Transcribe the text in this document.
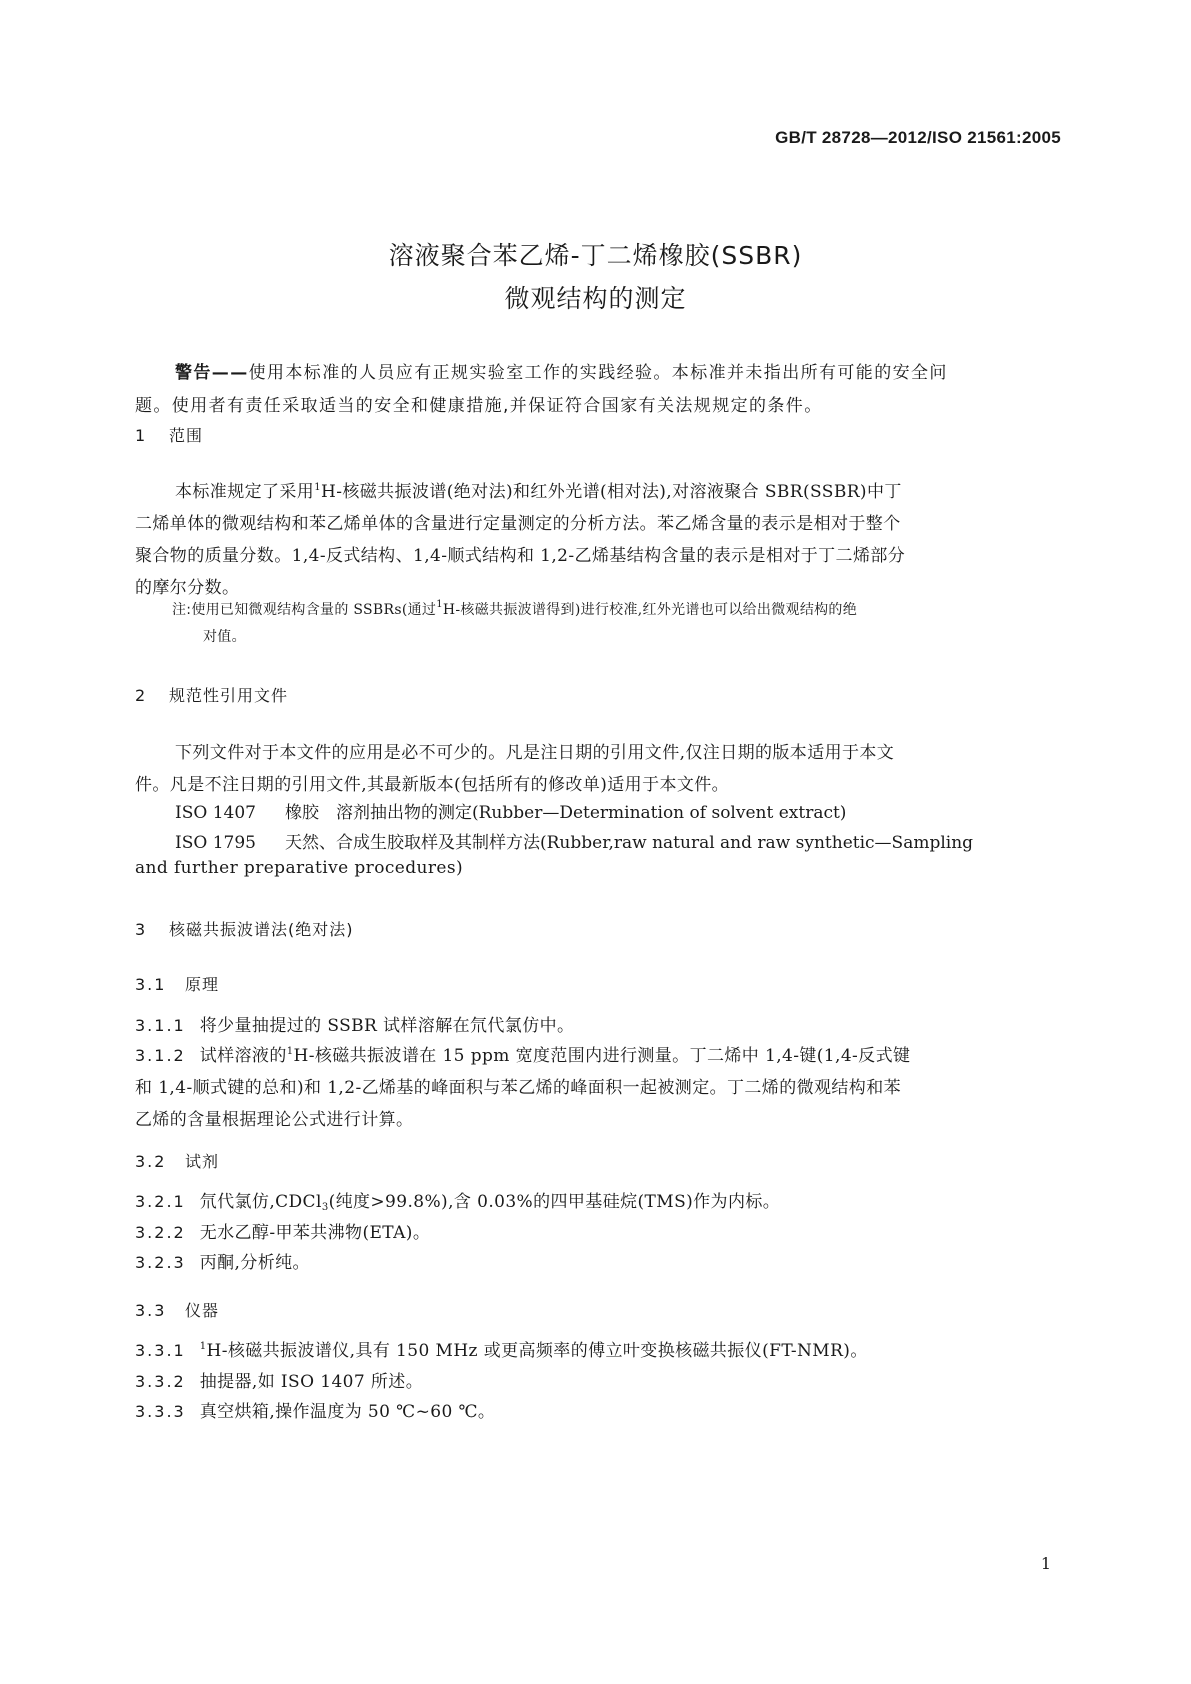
GB/T 28728—2012/ISO 21561:2005
溶液聚合苯乙烯-丁二烯橡胶(SSBR)
微观结构的测定
警告——使用本标准的人员应有正规实验室工作的实践经验。本标准并未指出所有可能的安全问
题。使用者有责任采取适当的安全和健康措施,并保证符合国家有关法规规定的条件。
1 范围
本标准规定了采用$^1$H-核磁共振波谱(绝对法)和红外光谱(相对法),对溶液聚合 SBR(SSBR)中丁
二烯单体的微观结构和苯乙烯单体的含量进行定量测定的分析方法。苯乙烯含量的表示是相对于整个
聚合物的质量分数。1,4-反式结构、1,4-顺式结构和 1,2-乙烯基结构含量的表示是相对于丁二烯部分
的摩尔分数。
注:使用已知微观结构含量的 SSBRs(通过$^1$H-核磁共振波谱得到)进行校准,红外光谱也可以给出微观结构的绝
对值。
2 规范性引用文件
下列文件对于本文件的应用是必不可少的。凡是注日期的引用文件,仅注日期的版本适用于本文
件。凡是不注日期的引用文件,其最新版本(包括所有的修改单)适用于本文件。
ISO 1407 橡胶　溶剂抽出物的测定(Rubber—Determination of solvent extract)
ISO 1795 天然、合成生胶取样及其制样方法(Rubber,raw natural and raw synthetic—Sampling
and further preparative procedures)
3 核磁共振波谱法(绝对法)
3.1 原理
3.1.1 将少量抽提过的 SSBR 试样溶解在氘代氯仿中。
3.1.2 试样溶液的$^1$H-核磁共振波谱在 15 ppm 宽度范围内进行测量。丁二烯中 1,4-键(1,4-反式键
和 1,4-顺式键的总和)和 1,2-乙烯基的峰面积与苯乙烯的峰面积一起被测定。丁二烯的微观结构和苯
乙烯的含量根据理论公式进行计算。
3.2 试剂
3.2.1 氘代氯仿,CDCl$_3$(纯度>99.8%),含 0.03%的四甲基硅烷(TMS)作为内标。
3.2.2 无水乙醇-甲苯共沸物(ETA)。
3.2.3 丙酮,分析纯。
3.3 仪器
3.3.1 $^1$H-核磁共振波谱仪,具有 150 MHz 或更高频率的傅立叶变换核磁共振仪(FT-NMR)。
3.3.2 抽提器,如 ISO 1407 所述。
3.3.3 真空烘箱,操作温度为 50 ℃~60 ℃。
1
